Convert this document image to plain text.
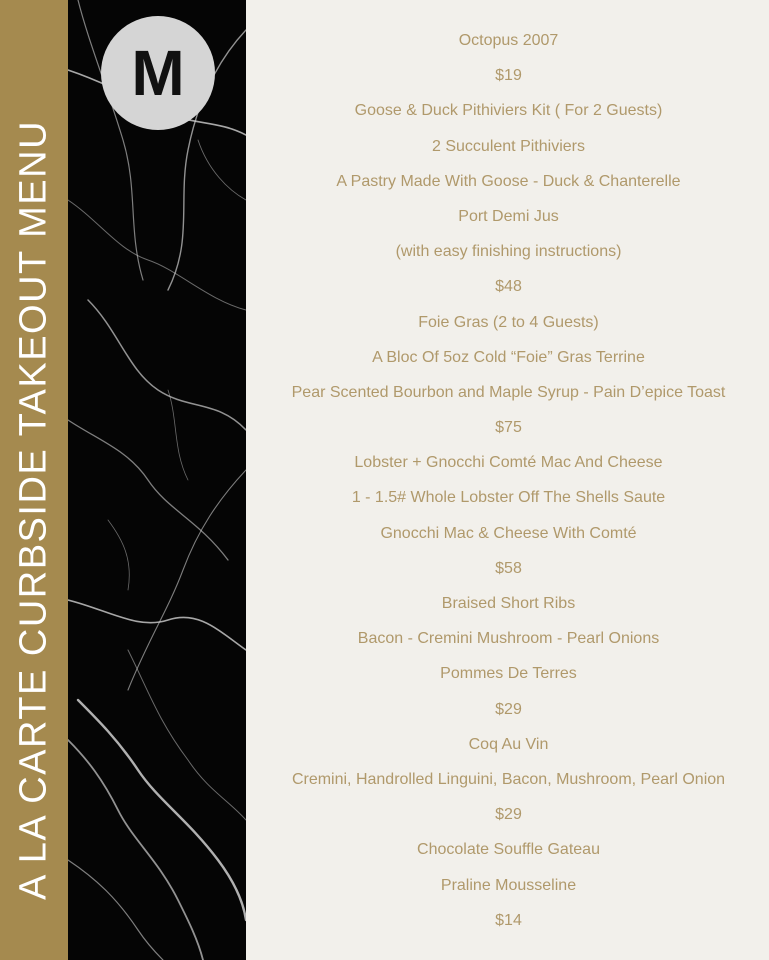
A LA CARTE CURBSIDE TAKEOUT MENU
M	Octopus 2007
$19
Goose & Duck Pithiviers Kit ( For 2 Guests)
2 Succulent Pithiviers
A Pastry Made With Goose - Duck & Chanterelle
Port Demi Jus
(with easy finishing instructions)
$48
Foie Gras (2 to 4 Guests)
A Bloc Of 5oz Cold “Foie” Gras Terrine
Pear Scented Bourbon and Maple Syrup - Pain D’epice Toast
$75
Lobster + Gnocchi Comté Mac And Cheese
1 - 1.5# Whole Lobster Off The Shells Saute
Gnocchi Mac & Cheese With Comté
$58
Braised Short Ribs
Bacon - Cremini Mushroom - Pearl Onions
Pommes De Terres
$29
Coq Au Vin
Cremini, Handrolled Linguini, Bacon, Mushroom, Pearl Onion
$29
Chocolate Souffle Gateau
Praline Mousseline
$14
